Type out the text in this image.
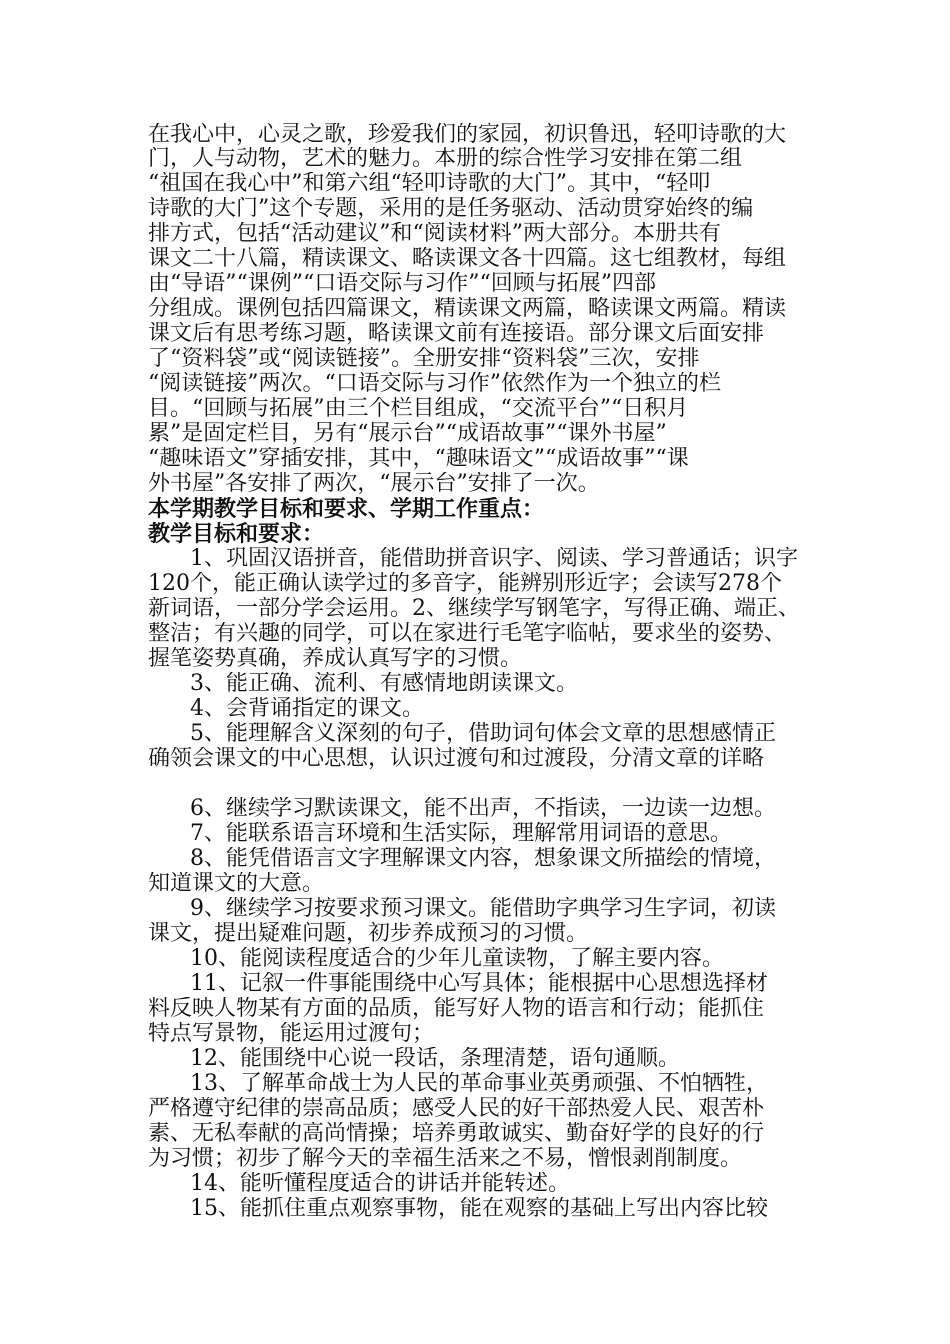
在我心中，心灵之歌，珍爱我们的家园，初识鲁迅，轻叩诗歌的大
门，人与动物，艺术的魅力。本册的综合性学习安排在第二组
“祖国在我心中”和第六组“轻叩诗歌的大门”。其中，“轻叩
诗歌的大门”这个专题，采用的是任务驱动、活动贯穿始终的编
排方式，包括“活动建议”和“阅读材料”两大部分。本册共有
课文二十八篇，精读课文、略读课文各十四篇。这七组教材，每组
由“导语”“课例”“口语交际与习作”“回顾与拓展”四部
分组成。课例包括四篇课文，精读课文两篇，略读课文两篇。精读
课文后有思考练习题，略读课文前有连接语。部分课文后面安排
了“资料袋”或“阅读链接”。全册安排“资料袋”三次，安排
“阅读链接”两次。“口语交际与习作”依然作为一个独立的栏
目。“回顾与拓展”由三个栏目组成，“交流平台”“日积月
累”是固定栏目，另有“展示台”“成语故事”“课外书屋”
“趣味语文”穿插安排，其中，“趣味语文”“成语故事”“课
外书屋”各安排了两次，“展示台”安排了一次。
本学期教学目标和要求、学期工作重点：
教学目标和要求：
1、巩固汉语拼音，能借助拼音识字、阅读、学习普通话；识字
120个，能正确认读学过的多音字，能辨别形近字；会读写278个
新词语，一部分学会运用。2、继续学写钢笔字，写得正确、端正、
整洁；有兴趣的同学，可以在家进行毛笔字临帖，要求坐的姿势、
握笔姿势真确，养成认真写字的习惯。
3、能正确、流利、有感情地朗读课文。
4、会背诵指定的课文。
5、能理解含义深刻的句子，借助词句体会文章的思想感情正
确领会课文的中心思想，认识过渡句和过渡段，分清文章的详略
6、继续学习默读课文，能不出声，不指读，一边读一边想。
7、能联系语言环境和生活实际，理解常用词语的意思。
8、能凭借语言文字理解课文内容，想象课文所描绘的情境，
知道课文的大意。
9、继续学习按要求预习课文。能借助字典学习生字词，初读
课文，提出疑难问题，初步养成预习的习惯。
10、能阅读程度适合的少年儿童读物，了解主要内容。
11、记叙一件事能围绕中心写具体；能根据中心思想选择材
料反映人物某有方面的品质，能写好人物的语言和行动；能抓住
特点写景物，能运用过渡句；
12、能围绕中心说一段话，条理清楚，语句通顺。
13、了解革命战士为人民的革命事业英勇顽强、不怕牺牲，
严格遵守纪律的崇高品质；感受人民的好干部热爱人民、艰苦朴
素、无私奉献的高尚情操；培养勇敢诚实、勤奋好学的良好的行
为习惯；初步了解今天的幸福生活来之不易，憎恨剥削制度。
14、能听懂程度适合的讲话并能转述。
15、能抓住重点观察事物，能在观察的基础上写出内容比较
